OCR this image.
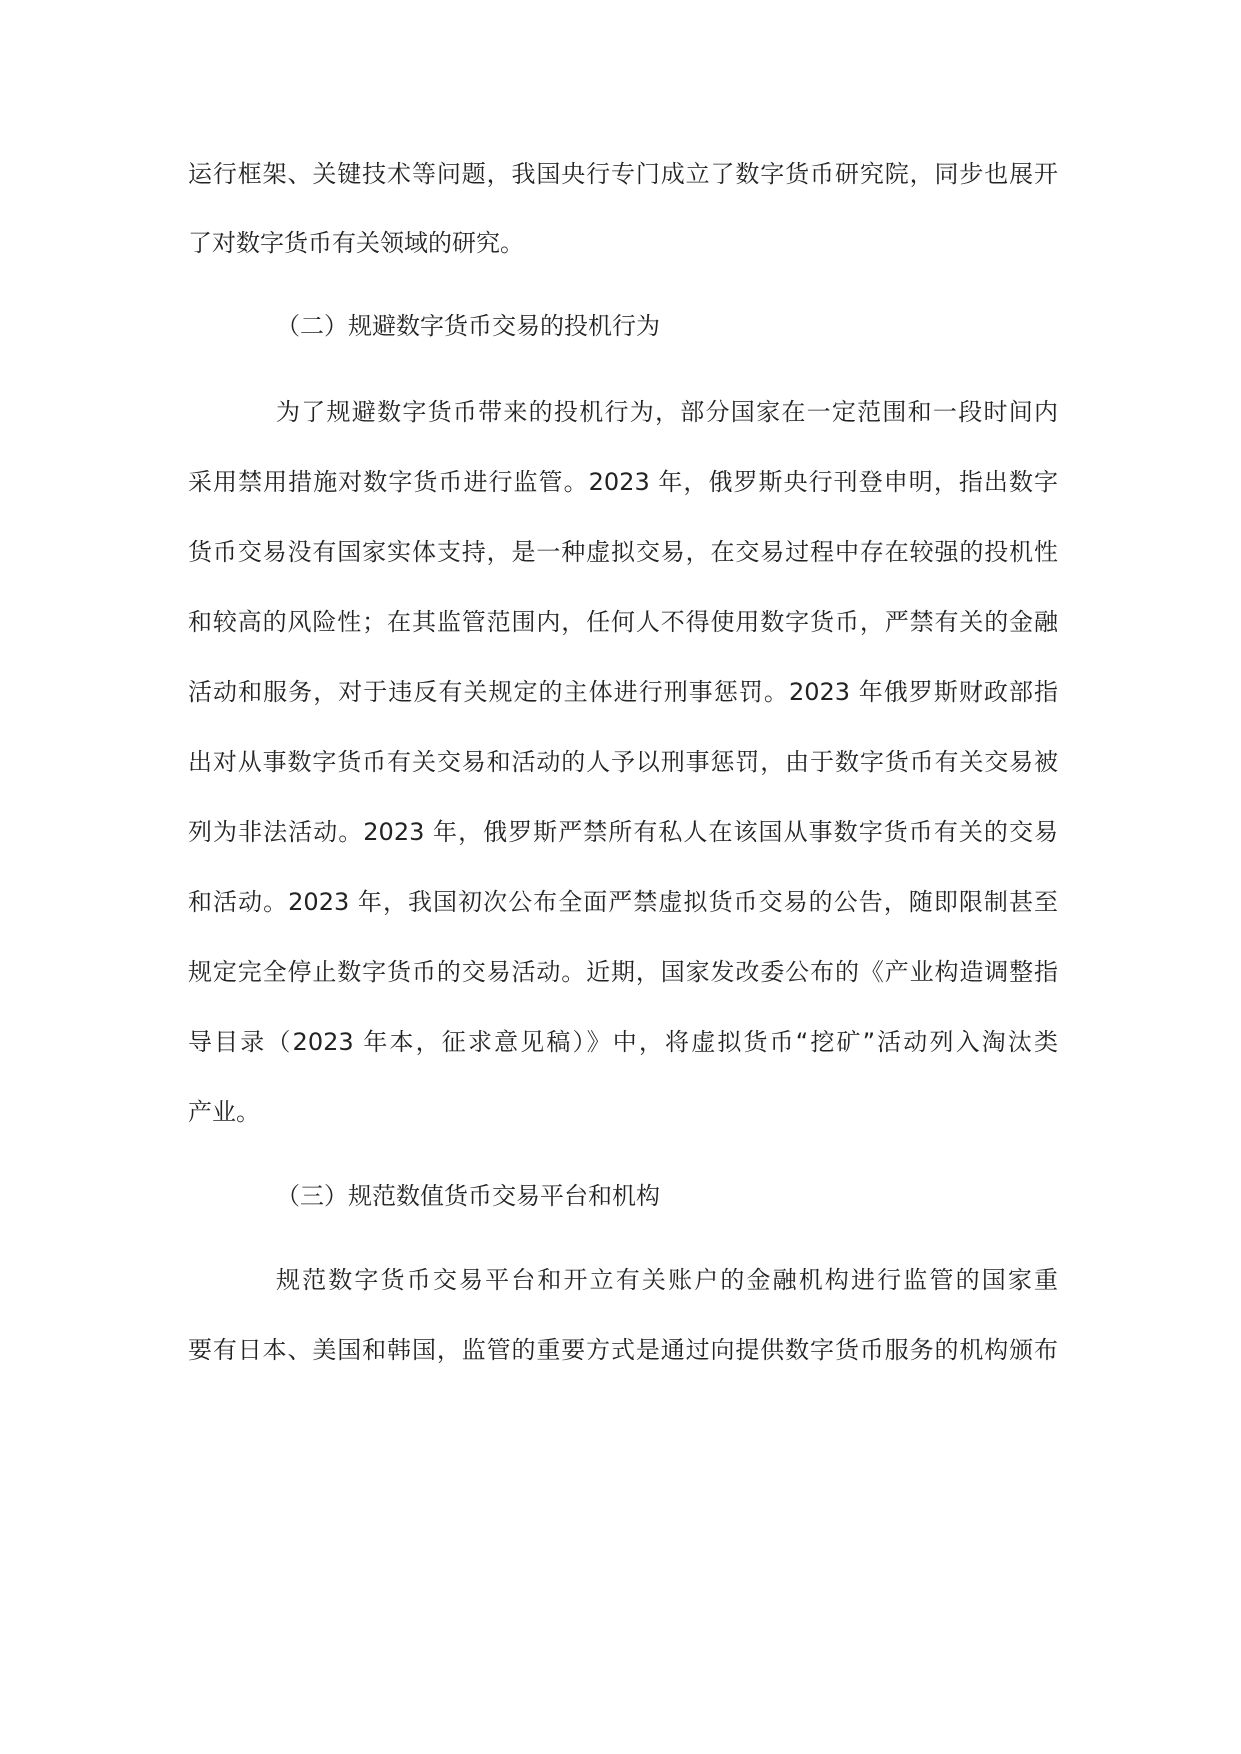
运行框架、关键技术等问题，我国央行专门成立了数字货币研究院，同步也展开
了对数字货币有关领域的研究。
（二）规避数字货币交易的投机行为
为了规避数字货币带来的投机行为，部分国家在一定范围和一段时间内
采用禁用措施对数字货币进行监管。2023 年，俄罗斯央行刊登申明，指出数字
货币交易没有国家实体支持，是一种虚拟交易，在交易过程中存在较强的投机性
和较高的风险性；在其监管范围内，任何人不得使用数字货币，严禁有关的金融
活动和服务，对于违反有关规定的主体进行刑事惩罚。2023 年俄罗斯财政部指
出对从事数字货币有关交易和活动的人予以刑事惩罚，由于数字货币有关交易被
列为非法活动。2023 年，俄罗斯严禁所有私人在该国从事数字货币有关的交易
和活动。2023 年，我国初次公布全面严禁虚拟货币交易的公告，随即限制甚至
规定完全停止数字货币的交易活动。近期，国家发改委公布的《产业构造调整指
导目录（2023 年本，征求意见稿）》中，将虚拟货币“挖矿”活动列入淘汰类
产业。
（三）规范数值货币交易平台和机构
规范数字货币交易平台和开立有关账户的金融机构进行监管的国家重
要有日本、美国和韩国，监管的重要方式是通过向提供数字货币服务的机构颁布
